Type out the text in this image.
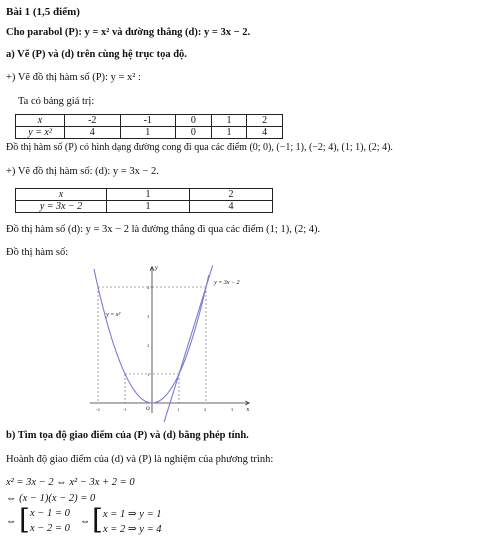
Bài 1 (1,5 điểm)
Cho parabol (P): y = x² và đường thẳng (d): y = 3x − 2.
a) Vẽ (P) và (d) trên cùng hệ trục tọa độ.
+) Vẽ đồ thị hàm số (P): y = x² :
Ta có bảng giá trị:
x	-2	-1	0	1	2
y = x²	4	1	0	1	4
Đồ thị hàm số (P) có hình dạng đường cong đi qua các điểm (0; 0), (−1; 1), (−2; 4), (1; 1), (2; 4).
+) Vẽ đồ thị hàm số: (d): y = 3x − 2.
x	1	2
y = 3x − 2	1	4
Đồ thị hàm số (d): y = 3x − 2 là đường thẳng đi qua các điểm (1; 1), (2; 4).
Đồ thị hàm số:
y = x²
y = 3x − 2
x
y
O
-2	-1	1	2	3
1
2
3
4
b) Tìm tọa độ giao điểm của (P) và (d) bằng phép tính.
Hoành độ giao điểm của (d) và (P) là nghiệm của phương trình:
x² = 3x − 2 ⇔ x² − 3x + 2 = 0
⇔ (x − 1)(x − 2) = 0
⇔ [ x − 1 = 0
x − 2 = 0
⇔ [ x = 1 ⇒ y = 1
x = 2 ⇒ y = 4
